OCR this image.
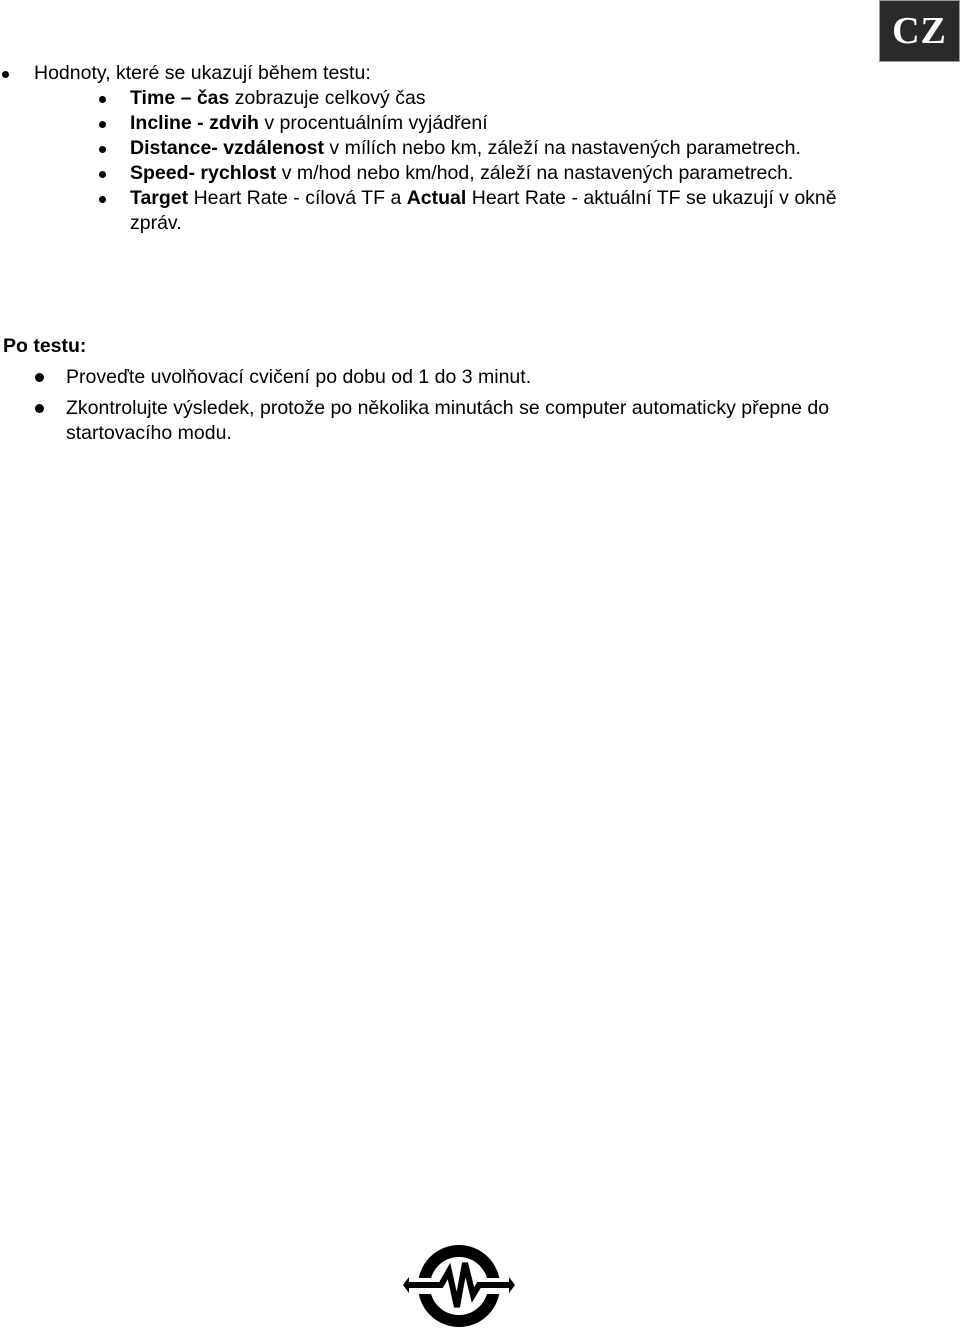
CZ
Hodnoty, které se ukazují během testu:
Time – čas zobrazuje celkový čas
Incline - zdvih v procentuálním vyjádření
Distance- vzdálenost v mílích nebo km, záleží na nastavených parametrech.
Speed- rychlost v m/hod nebo km/hod, záleží na nastavených parametrech.
Target Heart Rate - cílová TF a Actual Heart Rate - aktuální TF se ukazují v okně zpráv.
Po testu:
Proveďte uvolňovací cvičení po dobu od 1 do 3 minut.
Zkontrolujte výsledek, protože po několika minutách se computer automaticky přepne do startovacího modu.
